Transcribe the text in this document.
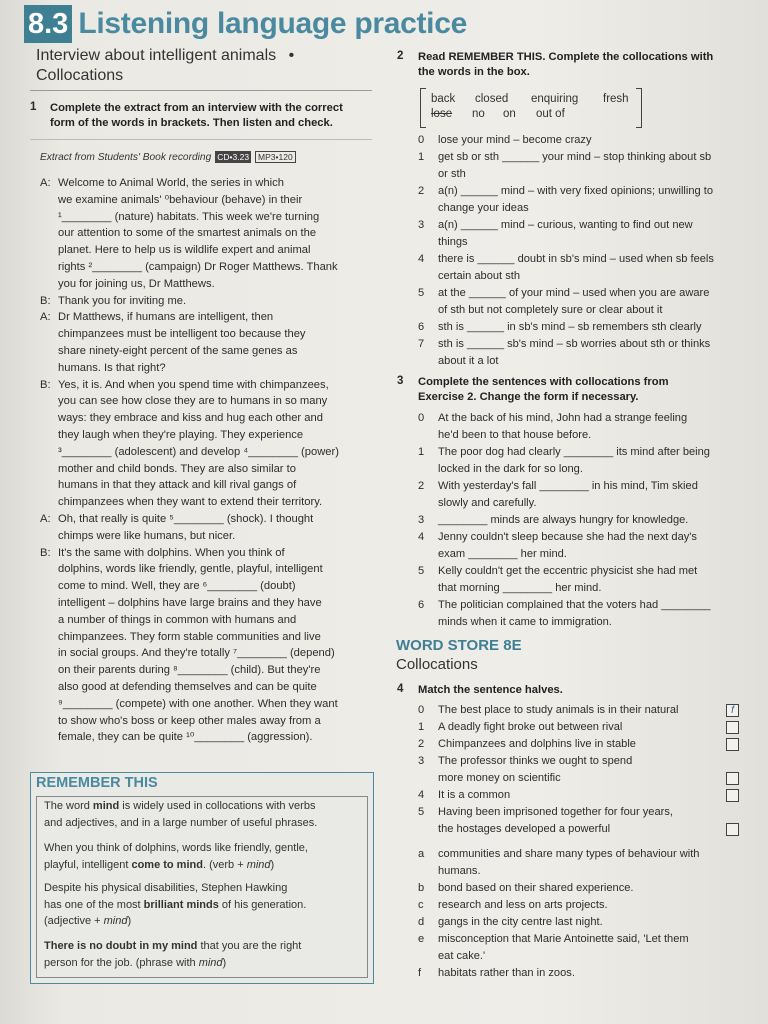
8.3 Listening language practice
Interview about intelligent animals •
Collocations
1 Complete the extract from an interview with the correct
form of the words in brackets. Then listen and check.
Extract from Students' Book recording CD•3.23	MP3•120
A: Welcome to Animal World, the series in which
we examine animals' ⁰behaviour (behave) in their
¹________ (nature) habitats. This week we're turning
our attention to some of the smartest animals on the
planet. Here to help us is wildlife expert and animal
rights ²________ (campaign) Dr Roger Matthews. Thank
you for joining us, Dr Matthews.
B: Thank you for inviting me.
A: Dr Matthews, if humans are intelligent, then
chimpanzees must be intelligent too because they
share ninety-eight percent of the same genes as
humans. Is that right?
B: Yes, it is. And when you spend time with chimpanzees,
you can see how close they are to humans in so many
ways: they embrace and kiss and hug each other and
they laugh when they're playing. They experience
³________ (adolescent) and develop ⁴________ (power)
mother and child bonds. They are also similar to
humans in that they attack and kill rival gangs of
chimpanzees when they want to extend their territory.
A: Oh, that really is quite ⁵________ (shock). I thought
chimps were like humans, but nicer.
B: It's the same with dolphins. When you think of
dolphins, words like friendly, gentle, playful, intelligent
come to mind. Well, they are ⁶________ (doubt)
intelligent – dolphins have large brains and they have
a number of things in common with humans and
chimpanzees. They form stable communities and live
in social groups. And they're totally ⁷________ (depend)
on their parents during ⁸________ (child). But they're
also good at defending themselves and can be quite
⁹________ (compete) with one another. When they want
to show who's boss or keep other males away from a
female, they can be quite ¹⁰________ (aggression).
REMEMBER THIS
The word mind is widely used in collocations with verbs
and adjectives, and in a large number of useful phrases.
When you think of dolphins, words like friendly, gentle,
playful, intelligent come to mind. (verb + mind)
Despite his physical disabilities, Stephen Hawking
has one of the most brilliant minds of his generation.
(adjective + mind)
There is no doubt in my mind that you are the right
person for the job. (phrase with mind)
2 Read REMEMBER THIS. Complete the collocations with
the words in the box.
back closed enquiring fresh
lose no on out of
0	lose your mind – become crazy
1	get sb or sth ______ your mind – stop thinking about sb
or sth
2	a(n) ______ mind – with very fixed opinions; unwilling to
change your ideas
3	a(n) ______ mind – curious, wanting to find out new
things
4	there is ______ doubt in sb's mind – used when sb feels
certain about sth
5	at the ______ of your mind – used when you are aware
of sth but not completely sure or clear about it
6	sth is ______ in sb's mind – sb remembers sth clearly
7	sth is ______ sb's mind – sb worries about sth or thinks
about it a lot
3 Complete the sentences with collocations from
Exercise 2. Change the form if necessary.
0	At the back of his mind, John had a strange feeling
he'd been to that house before.
1	The poor dog had clearly ________ its mind after being
locked in the dark for so long.
2	With yesterday's fall ________ in his mind, Tim skied
slowly and carefully.
3	________ minds are always hungry for knowledge.
4	Jenny couldn't sleep because she had the next day's
exam ________ her mind.
5	Kelly couldn't get the eccentric physicist she had met
that morning ________ her mind.
6	The politician complained that the voters had ________
minds when it came to immigration.
WORD STORE 8E
Collocations
4 Match the sentence halves.
0	The best place to study animals is in their natural	f
1	A deadly fight broke out between rival
2	Chimpanzees and dolphins live in stable
3	The professor thinks we ought to spend
more money on scientific
4	It is a common
5	Having been imprisoned together for four years,
the hostages developed a powerful
a	communities and share many types of behaviour with
humans.
b	bond based on their shared experience.
c	research and less on arts projects.
d	gangs in the city centre last night.
e	misconception that Marie Antoinette said, 'Let them
eat cake.'
f	habitats rather than in zoos.
